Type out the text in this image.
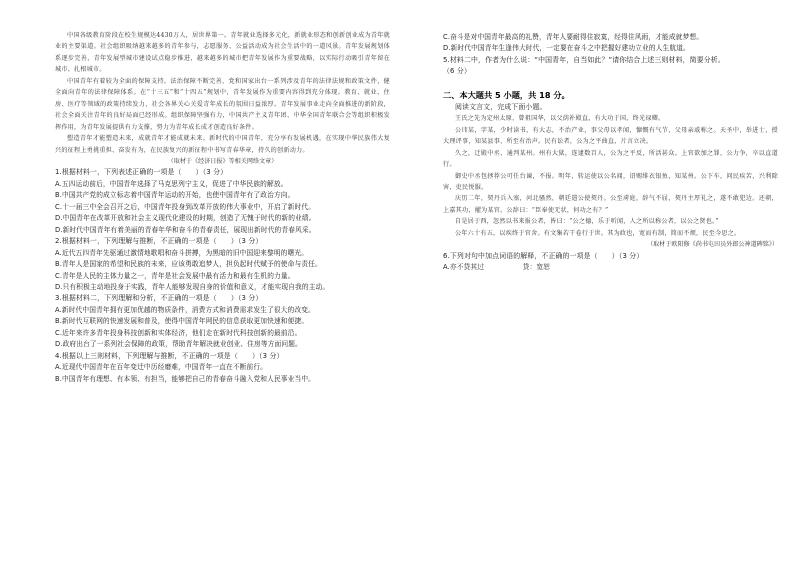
中国各级教育阶段在校生规模达4430万人，居世界第一。青年就业选择多元化，新就业形态和创新创业成为青年就业的主要渠道。社会组织吸纳越来越多的青年参与，志愿服务、公益活动成为社会生活中的一道风景。青年发展规划体系逐步完善，青年发展型城市建设试点稳步推进，越来越多的城市把青年发展作为重要战略，以实际行动吸引青年留在城市、扎根城市。

中国青年有着较为全面的保障支持。法治保障不断完善，党和国家出台一系列涉及青年的法律法规和政策文件，健全面向青年的法律保障体系。在“十三五”和“十四五”规划中，青年发展作为重要内容得到充分体现。教育、就业、住房、医疗等领域的政策持续发力，社会各界关心关爱青年成长的氛围日益浓厚。青年发展事业走向全面推进的新阶段，社会全面关注青年的良好局面已经形成。组织保障坚强有力，中国共产主义青年团、中华全国青年联合会等组织积极发挥作用，为青年发展提供有力支撑，努力为青年成长成才创造良好条件。

塑造青年才能塑造未来，成就青年才能成就未来。新时代的中国青年，充分享有发展机遇，在实现中华民族伟大复兴的征程上勇挑重担、奋发有为，在民族复兴的新征程中书写青春华章，持久的创新动力。

（取材于《经济日报》等相关网络文章）

1.根据材料一，下列表述正确的一项是（　　）（3 分）

A.五四运动前后，中国青年选择了马克思列宁主义，促进了中华民族的解放。

B.中国共产党的成立标志着中国青年运动的开始，也使中国青年有了政治方向。

C.十一届三中全会召开之后，中国青年投身到改革开放的伟大事业中，开启了新时代。

D.中国青年在改革开放和社会主义现代化建设的时期，创造了无愧于时代的新的业绩。

D.新时代中国青年有着美丽的青春年华和奋斗的青春责任，展现出新时代的青春风采。

2.根据材料一，下列理解与推断，不正确的一项是（　　）（3 分）

A.近代五四青年先驱通过激情地歌唱和奋斗拼搏，为黑暗的旧中国迎来黎明的曙光。

B.青年人是国家的希望和民族的未来，应该勇敢追梦人，担负起时代赋予的使命与责任。

C.青年是人民的主体力量之一，青年是社会发展中最有活力和最有生机的力量。

D.只有积极主动地投身于实践，青年人能够发现自身的价值和意义，才能实现自我的主动。

3.根据材料二，下列理解和分析，不正确的一项是（　　）（3 分）

A.新时代中国青年拥有更加优越的物质条件，消费方式和消费需求发生了很大的改变。

B.新时代互联网的快速发展和普及，使得中国青年网民的信息获取更加快速和便捷。

C.近年来许多青年投身科技创新和实体经济，他们走在新时代科技创新的最前沿。

D.政府出台了一系列社会保障的政策，帮助青年解决就业创业、住房等方面问题。

4.根据以上三则材料，下列理解与推断，不正确的一项是（　　）（3 分）

A.近现代中国青年在百年变迁中历经磨难，中国青年一直在不断前行。

B.中国青年有理想、有本领、有担当，能够把自己的青春奋斗融入党和人民事业当中。

C.奋斗是对中国青年最高的礼赞，青年人要耐得住寂寞，经得住风雨，才能成就梦想。

D.新时代中国青年生逢伟大时代，一定要在奋斗之中把握好建功立业的人生航道。

5.材料二中，作者为什么说：“中国青年，自当如此？”请你结合上述三则材料，简要分析。

（6 分）

二、本大题共 5 小题，共 18 分。

阅读文言文，完成下面小题。

王氏之先为定州太原，曾祖国华，以父荫补殿直，有大功于国，终光禄卿。

公讳某，字某，少时读书，有大志，不治产业，事父母以孝闻，慷慨有气节，父母亲戚称之。天圣中，举进士，授大理评事，知某县事，所至有治声。民有讼者，公为之平曲直，片言立决。

久之，迁殿中丞，通判某州。州有大狱，连逮数百人，公为之平反，所活甚众。上官欲加之罪，公力争，卒以直道行。

御史中丞包拯荐公可任台谏，不报。明年，转运使以公名闻，诏赐绯衣银鱼，知某州。公下车，问民疾苦，兴利除害，吏民悦服。

庆历二年，契丹兵入塞，河北骚然，朝廷遣公使契丹。公至虏庭，辞气不屈，契丹主厚礼之，遂不敢犯边。还朝，上嘉其功，擢为某官。公辞曰：“臣奉使无状，何功之有？”

自是居于西，忽然以书来报公者，皆曰：“公之德，乐于听闻，人之所以称公者，以公之贤也。”

公年六十有五，以疾终于官舍。有文集若干卷行于世。其为政也，宽而有制，简而不烦，民至今思之。

（取材于欧阳修《尚书屯田员外郎公神道碑铭》）

6.下列对句中加点词语的解释，不正确的一项是（　　）（3 分）

A.亦不贷其过	贷：宽恕
